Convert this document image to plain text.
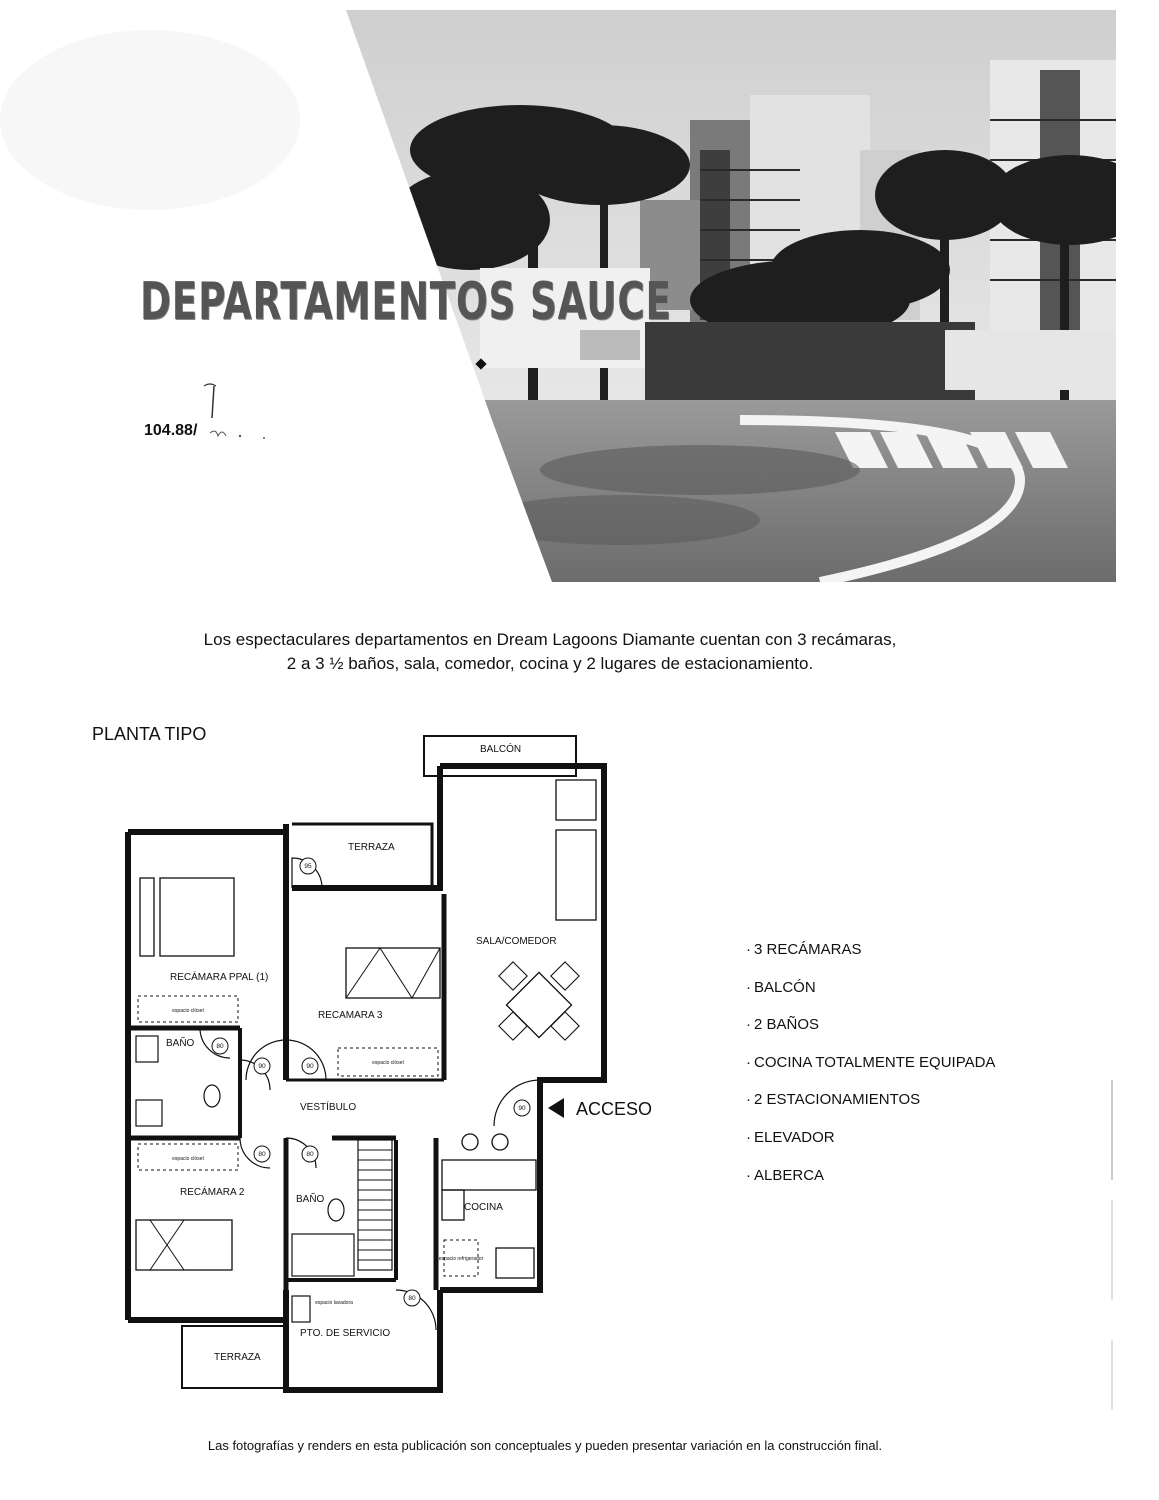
DEPARTAMENTOS SAUCE
104.88/
Los espectaculares departamentos en Dream Lagoons Diamante cuentan con 3 recámaras,
2 a 3 ½ baños, sala, comedor, cocina y 2 lugares de estacionamiento.
PLANTA TIPO
95
90	90
80
80	80
80
90
espacio clóset
espacio clóset
espacio clóset
espacio refrigerador
espacio lavadora
BALCÓN
TERRAZA
SALA/COMEDOR
RECÁMARA PPAL (1)
RECAMARA 3
BAÑO
VESTÍBULO
RECÁMARA 2
BAÑO
COCINA
PTO. DE SERVICIO
TERRAZA
ACCESO
· 3 RECÁMARAS
· BALCÓN
· 2 BAÑOS
· COCINA TOTALMENTE EQUIPADA
· 2 ESTACIONAMIENTOS
· ELEVADOR
· ALBERCA
Las fotografías y renders en esta publicación son conceptuales y pueden presentar variación en la construcción final.
